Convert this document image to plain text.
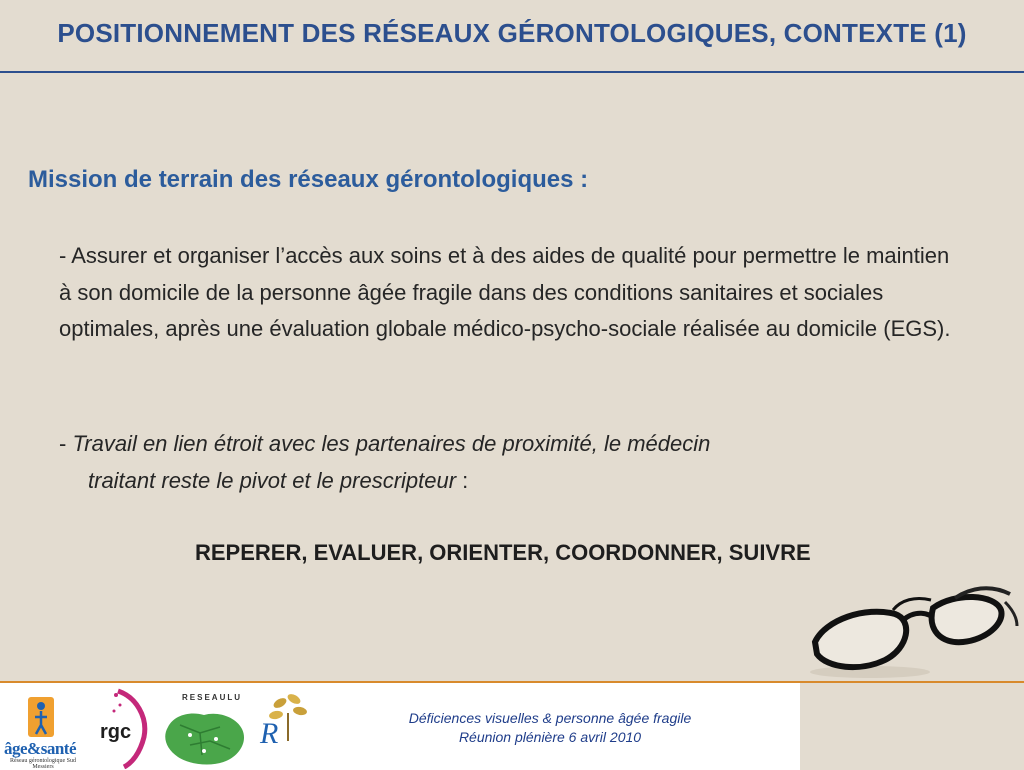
POSITIONNEMENT DES RÉSEAUX GÉRONTOLOGIQUES, CONTEXTE (1)
Mission de terrain des réseaux gérontologiques :
- Assurer et organiser l’accès aux soins et à des aides de qualité pour permettre le maintien à son domicile de la personne âgée fragile dans des conditions sanitaires et sociales optimales, après une évaluation globale médico-psycho-sociale réalisée au domicile (EGS).
- Travail en lien étroit avec les partenaires de proximité, le médecin
traitant reste le pivot et le prescripteur :
REPERER, EVALUER, ORIENTER, COORDONNER, SUIVRE
âge&santé
Réseau gérontologique Sud Messiers
rgc
RESEAULU
R	Déficiences visuelles & personne âgée fragile
Réunion plénière 6 avril 2010
